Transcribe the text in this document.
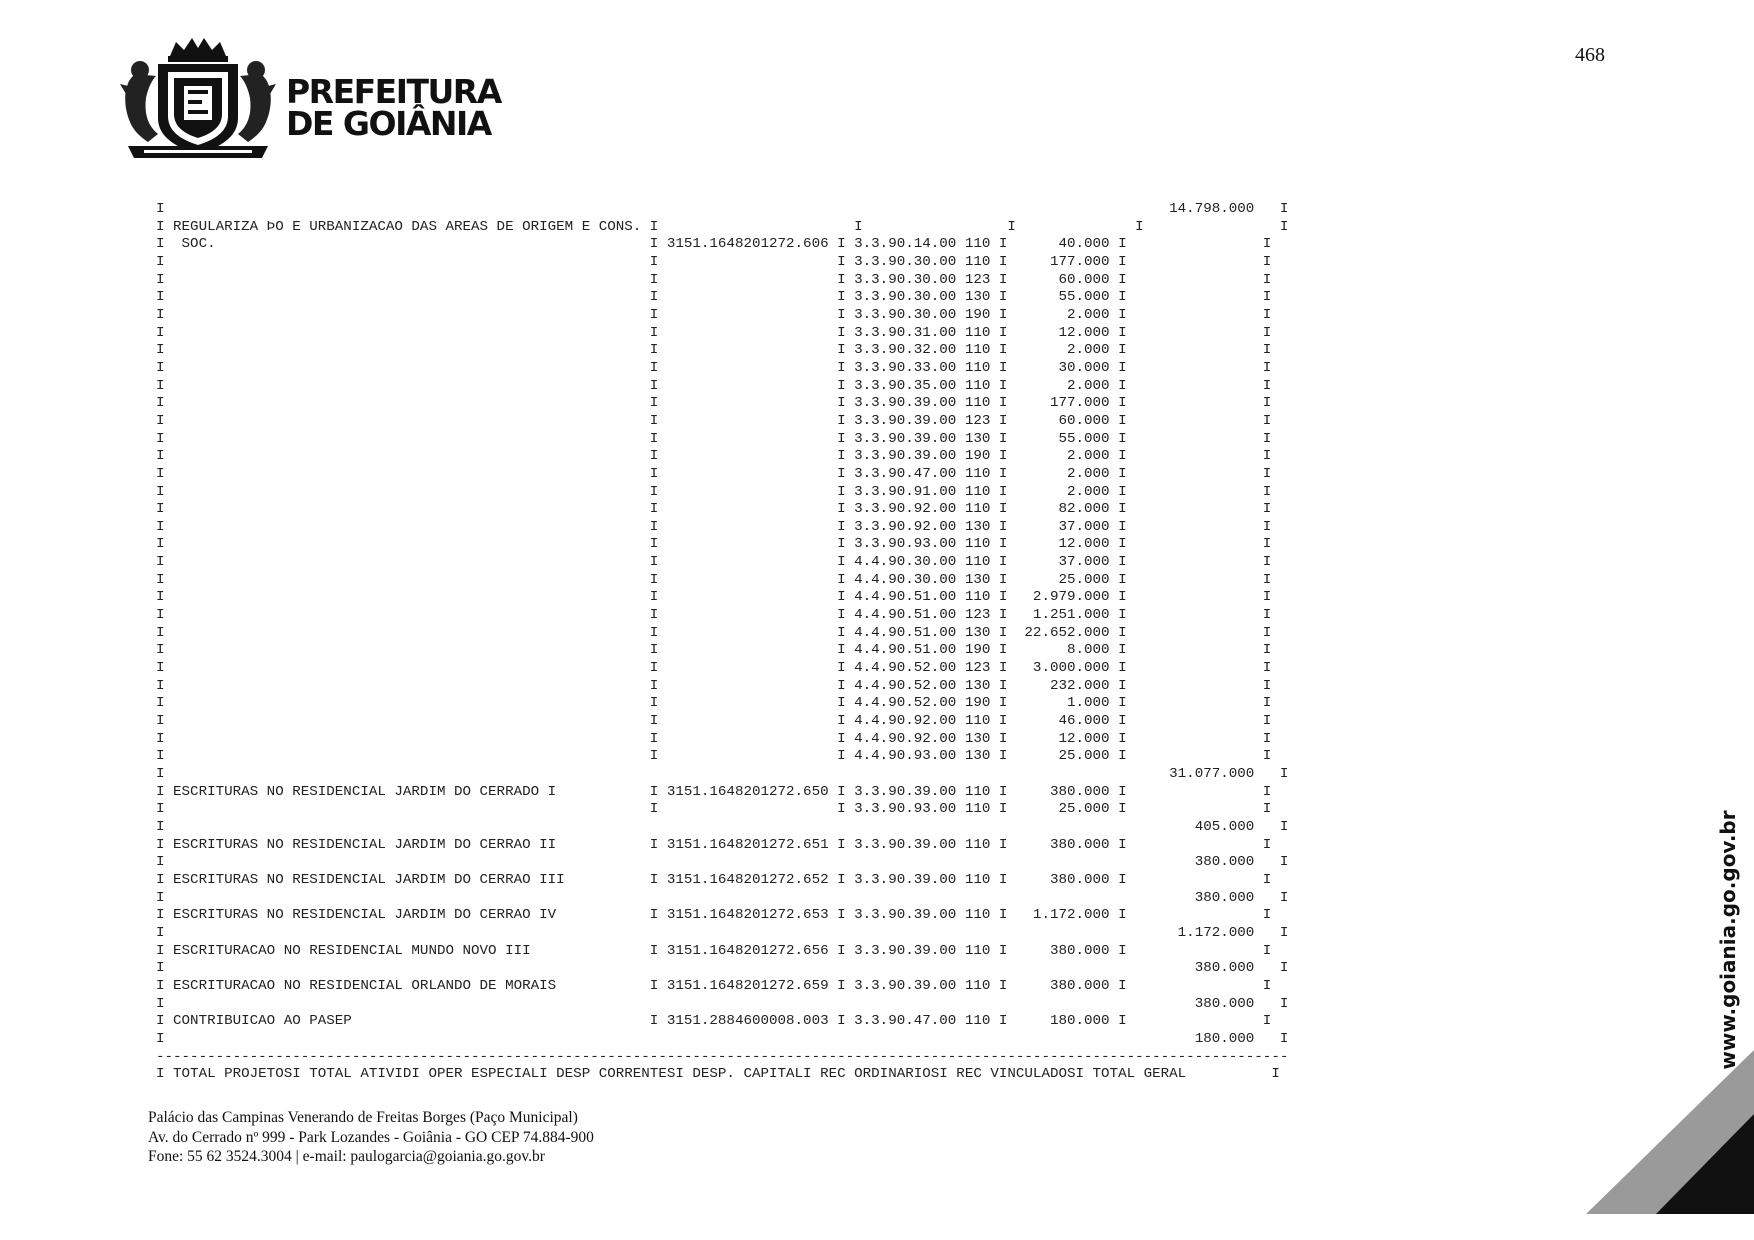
468
PREFEITURA
DE GOIÂNIA
I                                                                                                                      14.798.000   I
I REGULARIZA ÞO E URBANIZACAO DAS AREAS DE ORIGEM E CONS. I                       I                 I              I                I
I  SOC.                                                   I 3151.1648201272.606 I 3.3.90.14.00 110 I      40.000 I                I
I                                                         I                     I 3.3.90.30.00 110 I     177.000 I                I
I                                                         I                     I 3.3.90.30.00 123 I      60.000 I                I
I                                                         I                     I 3.3.90.30.00 130 I      55.000 I                I
I                                                         I                     I 3.3.90.30.00 190 I       2.000 I                I
I                                                         I                     I 3.3.90.31.00 110 I      12.000 I                I
I                                                         I                     I 3.3.90.32.00 110 I       2.000 I                I
I                                                         I                     I 3.3.90.33.00 110 I      30.000 I                I
I                                                         I                     I 3.3.90.35.00 110 I       2.000 I                I
I                                                         I                     I 3.3.90.39.00 110 I     177.000 I                I
I                                                         I                     I 3.3.90.39.00 123 I      60.000 I                I
I                                                         I                     I 3.3.90.39.00 130 I      55.000 I                I
I                                                         I                     I 3.3.90.39.00 190 I       2.000 I                I
I                                                         I                     I 3.3.90.47.00 110 I       2.000 I                I
I                                                         I                     I 3.3.90.91.00 110 I       2.000 I                I
I                                                         I                     I 3.3.90.92.00 110 I      82.000 I                I
I                                                         I                     I 3.3.90.92.00 130 I      37.000 I                I
I                                                         I                     I 3.3.90.93.00 110 I      12.000 I                I
I                                                         I                     I 4.4.90.30.00 110 I      37.000 I                I
I                                                         I                     I 4.4.90.30.00 130 I      25.000 I                I
I                                                         I                     I 4.4.90.51.00 110 I   2.979.000 I                I
I                                                         I                     I 4.4.90.51.00 123 I   1.251.000 I                I
I                                                         I                     I 4.4.90.51.00 130 I  22.652.000 I                I
I                                                         I                     I 4.4.90.51.00 190 I       8.000 I                I
I                                                         I                     I 4.4.90.52.00 123 I   3.000.000 I                I
I                                                         I                     I 4.4.90.52.00 130 I     232.000 I                I
I                                                         I                     I 4.4.90.52.00 190 I       1.000 I                I
I                                                         I                     I 4.4.90.92.00 110 I      46.000 I                I
I                                                         I                     I 4.4.90.92.00 130 I      12.000 I                I
I                                                         I                     I 4.4.90.93.00 130 I      25.000 I                I
I                                                                                                                      31.077.000   I
I ESCRITURAS NO RESIDENCIAL JARDIM DO CERRADO I           I 3151.1648201272.650 I 3.3.90.39.00 110 I     380.000 I                I
I                                                         I                     I 3.3.90.93.00 110 I      25.000 I                I
I                                                                                                                         405.000   I
I ESCRITURAS NO RESIDENCIAL JARDIM DO CERRAO II           I 3151.1648201272.651 I 3.3.90.39.00 110 I     380.000 I                I
I                                                                                                                         380.000   I
I ESCRITURAS NO RESIDENCIAL JARDIM DO CERRAO III          I 3151.1648201272.652 I 3.3.90.39.00 110 I     380.000 I                I
I                                                                                                                         380.000   I
I ESCRITURAS NO RESIDENCIAL JARDIM DO CERRAO IV           I 3151.1648201272.653 I 3.3.90.39.00 110 I   1.172.000 I                I
I                                                                                                                       1.172.000   I
I ESCRITURACAO NO RESIDENCIAL MUNDO NOVO III              I 3151.1648201272.656 I 3.3.90.39.00 110 I     380.000 I                I
I                                                                                                                         380.000   I
I ESCRITURACAO NO RESIDENCIAL ORLANDO DE MORAIS           I 3151.1648201272.659 I 3.3.90.39.00 110 I     380.000 I                I
I                                                                                                                         380.000   I
I CONTRIBUICAO AO PASEP                                   I 3151.2884600008.003 I 3.3.90.47.00 110 I     180.000 I                I
I                                                                                                                         180.000   I
-------------------------------------------------------------------------------------------------------------------------------------
I TOTAL PROJETOSI TOTAL ATIVIDI OPER ESPECIALI DESP CORRENTESI DESP. CAPITALI REC ORDINARIOSI REC VINCULADOSI TOTAL GERAL          I
Palácio das Campinas Venerando de Freitas Borges (Paço Municipal)
Av. do Cerrado nº 999 - Park Lozandes - Goiânia - GO CEP 74.884-900
Fone: 55 62 3524.3004 | e-mail: paulogarcia@goiania.go.gov.br
www.goiania.go.gov.br
